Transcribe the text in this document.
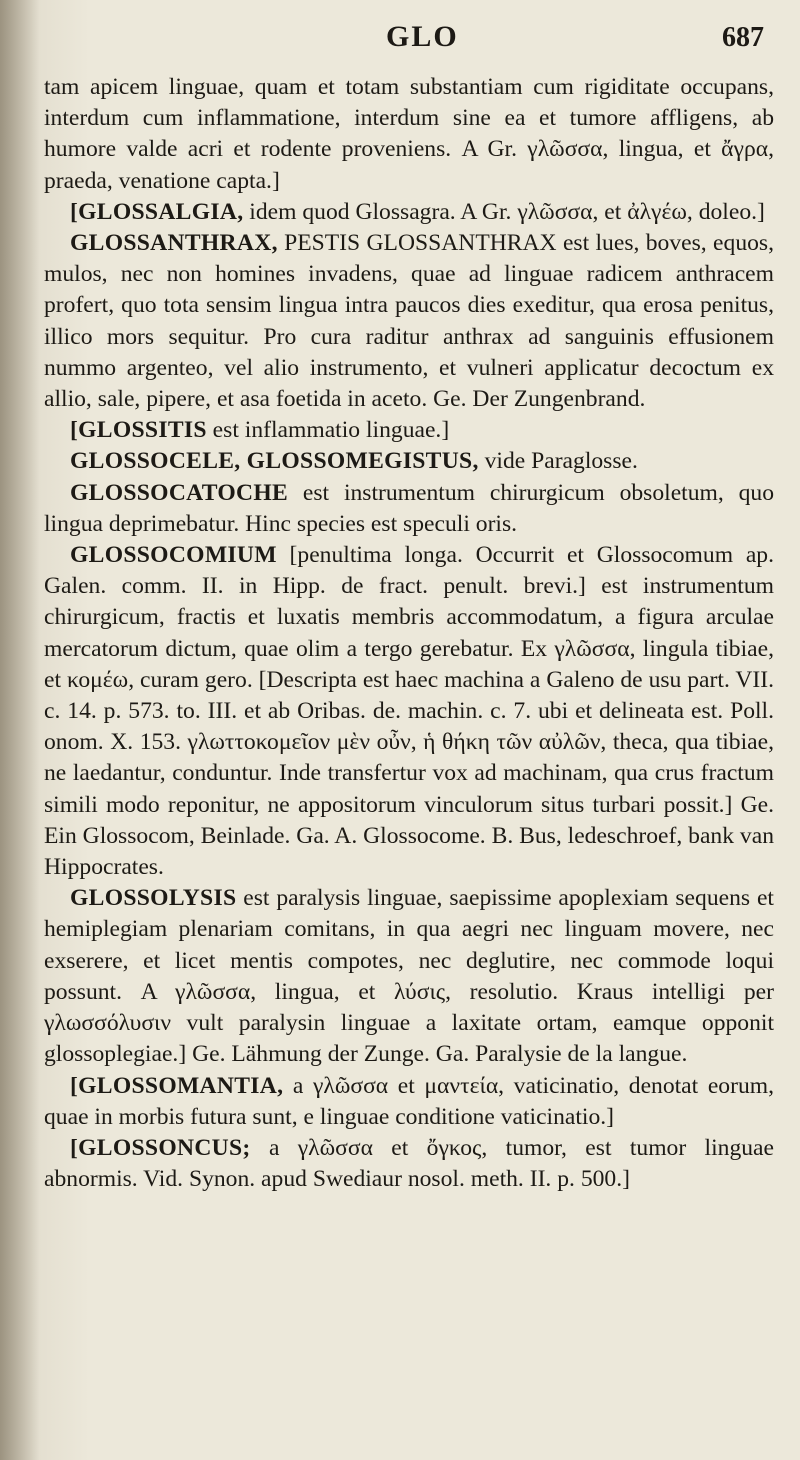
GLO	687

tam apicem linguae, quam et totam substantiam cum rigiditate occupans, interdum cum inflammatione, interdum sine ea et tumore affligens, ab humore valde acri et rodente proveniens. Α Gr. γλῶσσα, lingua, et ἄγρα, praeda, venatione capta.]

[GLOSSALGIA, idem quod Glossagra. A Gr. γλῶσσα, et ἀλγέω, doleo.]

GLOSSANTHRAX, PESTIS GLOSSANTHRAX est lues, boves, equos, mulos, nec non homines invadens, quae ad linguae radicem anthracem profert, quo tota sensim lingua intra paucos dies exeditur, qua erosa penitus, illico mors sequitur. Pro cura raditur anthrax ad sanguinis effusionem nummo argenteo, vel alio instrumento, et vulneri applicatur decoctum ex allio, sale, pipere, et asa foetida in aceto. Ge. Der Zungenbrand.

[GLOSSITIS est inflammatio linguae.]

GLOSSOCELE, GLOSSOMEGISTUS, vide Paraglosse.

GLOSSOCATOCHE est instrumentum chirurgicum obsoletum, quo lingua deprimebatur. Hinc species est speculi oris.

GLOSSOCOMIUM [penultima longa. Occurrit et Glossocomum ap. Galen. comm. II. in Hipp. de fract. penult. brevi.] est instrumentum chirurgicum, fractis et luxatis membris accommodatum, a figura arculae mercatorum dictum, quae olim a tergo gerebatur. Ex γλῶσσα, lingula tibiae, et κομέω, curam gero. [Descripta est haec machina a Galeno de usu part. VII. c. 14. p. 573. to. III. et ab Oribas. de. machin. c. 7. ubi et delineata est. Poll. onom. X. 153. γλωττοκομεῖον μὲν οὖν, ἡ θήκη τῶν αὐλῶν, theca, qua tibiae, ne laedantur, conduntur. Inde transfertur vox ad machinam, qua crus fractum simili modo reponitur, ne appositorum vinculorum situs turbari possit.] Ge. Ein Glossocom, Beinlade. Ga. A. Glossocome. B. Bus, ledeschroef, bank van Hippocrates.

GLOSSOLYSIS est paralysis linguae, saepissime apoplexiam sequens et hemiplegiam plenariam comitans, in qua aegri nec linguam movere, nec exserere, et licet mentis compotes, nec deglutire, nec commode loqui possunt. Α γλῶσσα, lingua, et λύσις, resolutio. Kraus intelligi per γλωσσόλυσιν vult paralysin linguae a laxitate ortam, eamque opponit glossoplegiae.] Ge. Lähmung der Zunge. Ga. Paralysie de la langue.

[GLOSSOMANTIA, a γλῶσσα et μαντεία, vaticinatio, denotat eorum, quae in morbis futura sunt, e linguae conditione vaticinatio.]

[GLOSSONCUS; a γλῶσσα et ὄγκος, tumor, est tumor linguae abnormis. Vid. Synon. apud Swediaur nosol. meth. II. p. 500.]
